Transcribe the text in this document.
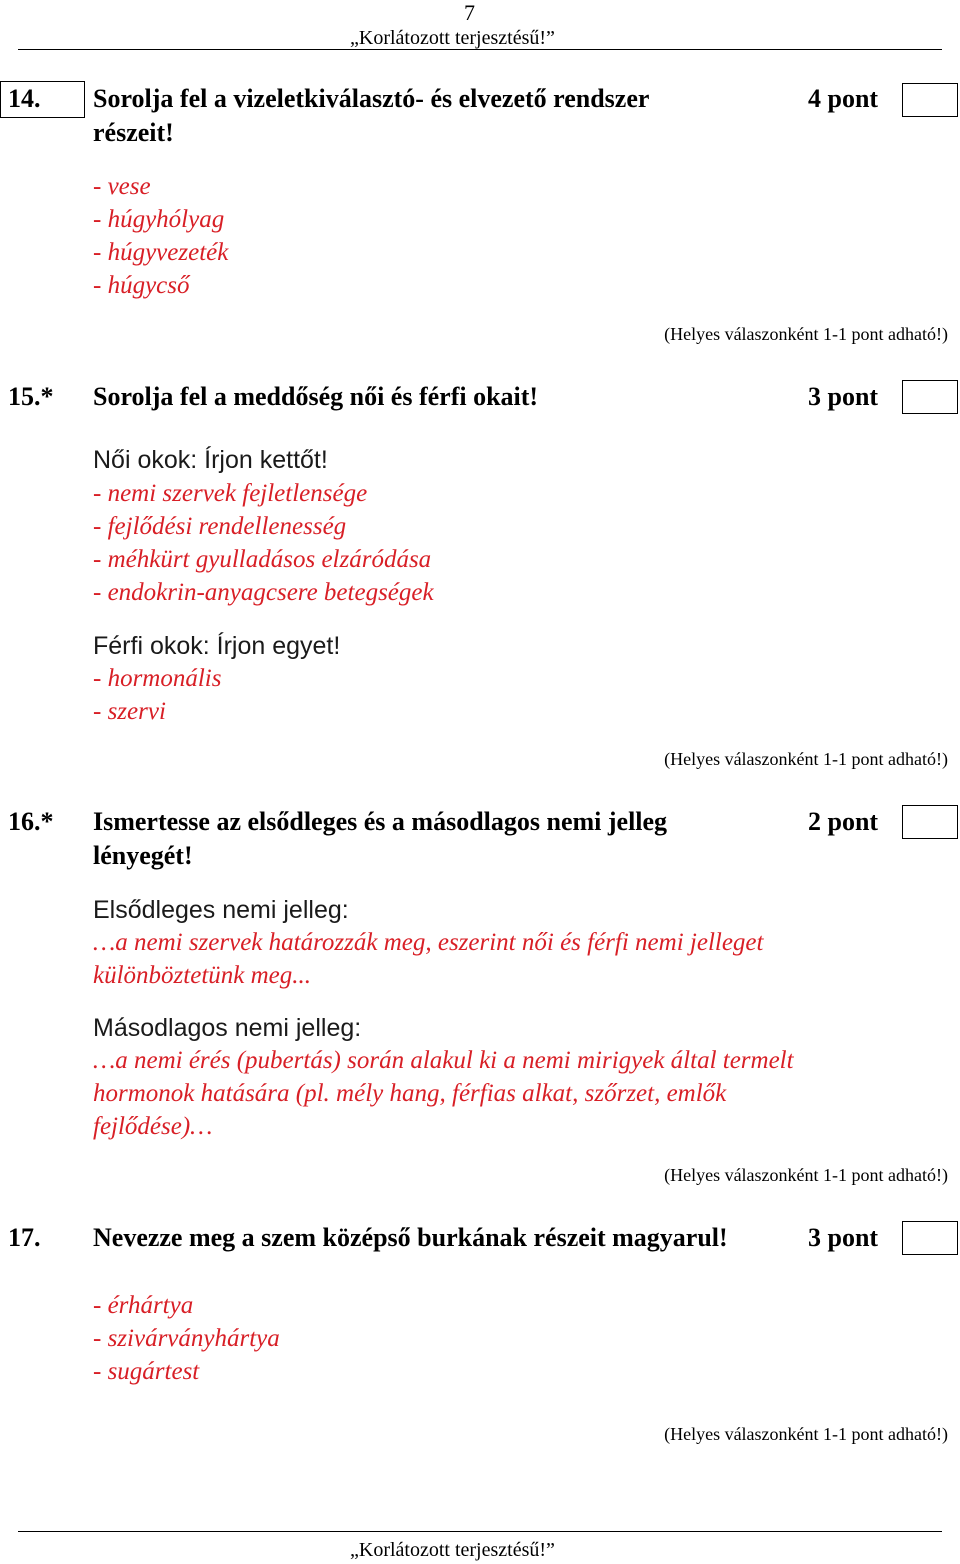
7
„Korlátozott terjesztésű!”
14. Sorolja fel a vizeletkiválasztó- és elvezető rendszer
részeit!
4 pont
- vese
- húgyhólyag
- húgyvezeték
- húgycső
(Helyes válaszonként 1-1 pont adható!)
15.* Sorolja fel a meddőség női és férfi okait!	3 pont
Női okok: Írjon kettőt!
- nemi szervek fejletlensége
- fejlődési rendellenesség
- méhkürt gyulladásos elzáródása
- endokrin-anyagcsere betegségek
Férfi okok: Írjon egyet!
- hormonális
- szervi
(Helyes válaszonként 1-1 pont adható!)
16.* Ismertesse az elsődleges és a másodlagos nemi jelleg
lényegét!
2 pont
Elsődleges nemi jelleg:
…a nemi szervek határozzák meg, eszerint női és férfi nemi jelleget
különböztetünk meg...
Másodlagos nemi jelleg:
…a nemi érés (pubertás) során alakul ki a nemi mirigyek által termelt
hormonok hatására (pl. mély hang, férfias alkat, szőrzet, emlők
fejlődése)…
(Helyes válaszonként 1-1 pont adható!)
17. Nevezze meg a szem középső burkának részeit magyarul!	3 pont
- érhártya
- szivárványhártya
- sugártest
(Helyes válaszonként 1-1 pont adható!)
„Korlátozott terjesztésű!”
